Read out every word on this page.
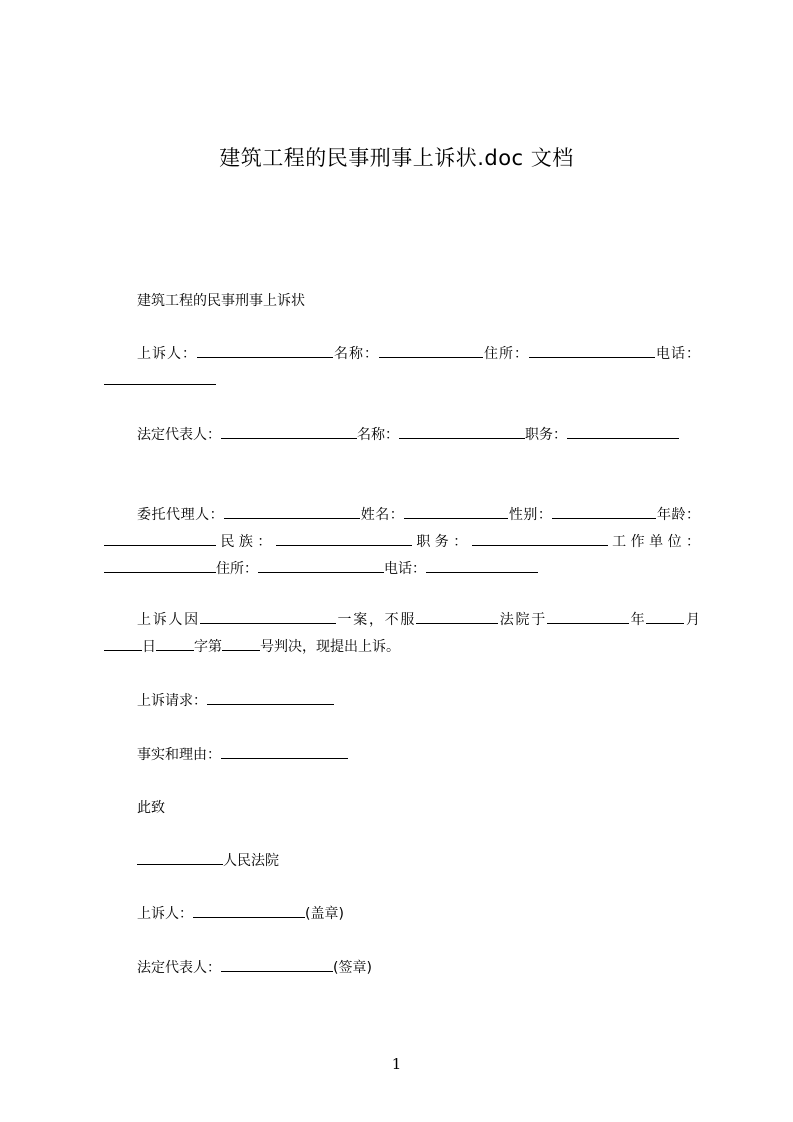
建筑工程的民事刑事上诉状.doc 文档
建筑工程的民事刑事上诉状
上诉人：	名称：	住所：	电话：
法定代表人：	名称：	职务：
委托代理人：	姓名：	性别：	年龄：民族：	职务：	工作单位：住所：	电话：
上诉人因	一案，不服	法院于	年	月日	字第	号判决，现提出上诉。
上诉请求：
事实和理由：
此致
人民法院
上诉人：	(盖章)
法定代表人：	(签章)
1
